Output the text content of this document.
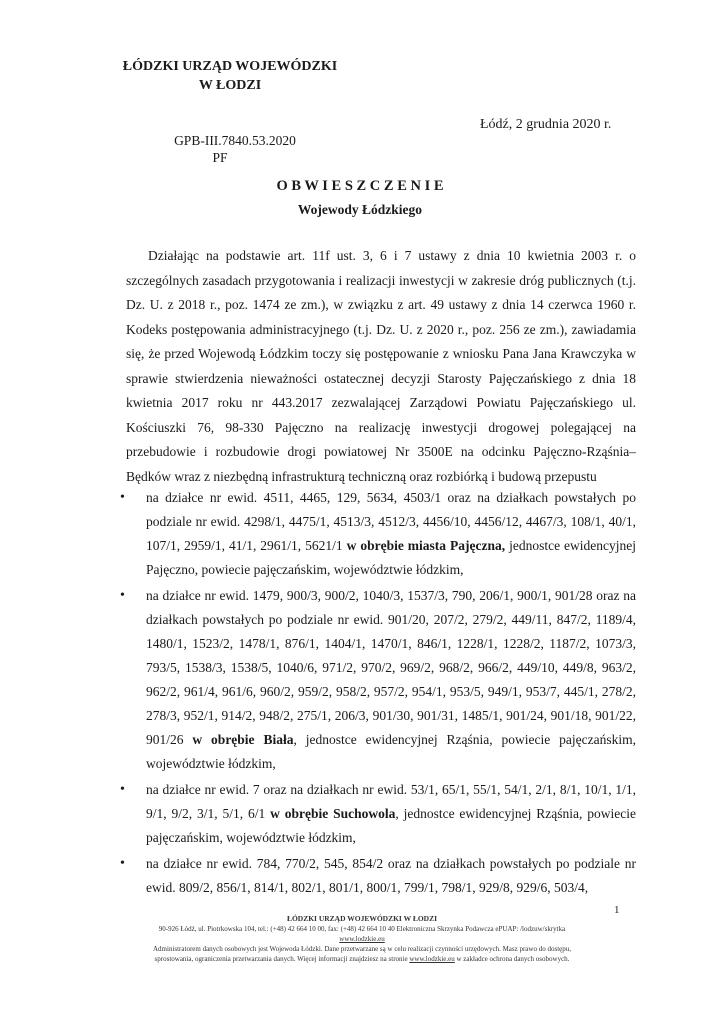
ŁÓDZKI URZĄD WOJEWÓDZKI
W ŁODZI
Łódź, 2 grudnia 2020 r.
GPB-III.7840.53.2020
PF
O B W I E S Z C Z E N I E
Wojewody Łódzkiego

Działając na podstawie art. 11f ust. 3, 6 i 7 ustawy z dnia 10 kwietnia 2003 r. o szczególnych zasadach przygotowania i realizacji inwestycji w zakresie dróg publicznych (t.j. Dz. U. z 2018 r., poz. 1474 ze zm.), w związku z art. 49 ustawy z dnia 14 czerwca 1960 r. Kodeks postępowania administracyjnego (t.j. Dz. U. z 2020 r., poz. 256 ze zm.), zawiadamia się, że przed Wojewodą Łódzkim toczy się postępowanie z wniosku Pana Jana Krawczyka w sprawie stwierdzenia nieważności ostatecznej decyzji Starosty Pajęczańskiego z dnia 18 kwietnia 2017 roku nr 443.2017 zezwalającej Zarządowi Powiatu Pajęczańskiego ul. Kościuszki 76, 98-330 Pajęczno na realizację inwestycji drogowej polegającej na przebudowie i rozbudowie drogi powiatowej Nr 3500E na odcinku Pajęczno-Rząśnia–Będków wraz z niezbędną infrastrukturą techniczną oraz rozbiórką i budową przepustu

• na działce nr ewid. 4511, 4465, 129, 5634, 4503/1 oraz na działkach powstałych po podziale nr ewid. 4298/1, 4475/1, 4513/3, 4512/3, 4456/10, 4456/12, 4467/3, 108/1, 40/1, 107/1, 2959/1, 41/1, 2961/1, 5621/1 w obrębie miasta Pajęczna, jednostce ewidencyjnej Pajęczno, powiecie pajęczańskim, województwie łódzkim,
• na działce nr ewid. 1479, 900/3, 900/2, 1040/3, 1537/3, 790, 206/1, 900/1, 901/28 oraz na działkach powstałych po podziale nr ewid. 901/20, 207/2, 279/2, 449/11, 847/2, 1189/4, 1480/1, 1523/2, 1478/1, 876/1, 1404/1, 1470/1, 846/1, 1228/1, 1228/2, 1187/2, 1073/3, 793/5, 1538/3, 1538/5, 1040/6, 971/2, 970/2, 969/2, 968/2, 966/2, 449/10, 449/8, 963/2, 962/2, 961/4, 961/6, 960/2, 959/2, 958/2, 957/2, 954/1, 953/5, 949/1, 953/7, 445/1, 278/2, 278/3, 952/1, 914/2, 948/2, 275/1, 206/3, 901/30, 901/31, 1485/1, 901/24, 901/18, 901/22, 901/26 w obrębie Biała, jednostce ewidencyjnej Rząśnia, powiecie pajęczańskim, województwie łódzkim,
• na działce nr ewid. 7 oraz na działkach nr ewid. 53/1, 65/1, 55/1, 54/1, 2/1, 8/1, 10/1, 1/1, 9/1, 9/2, 3/1, 5/1, 6/1 w obrębie Suchowola, jednostce ewidencyjnej Rząśnia, powiecie pajęczańskim, województwie łódzkim,
• na działce nr ewid. 784, 770/2, 545, 854/2 oraz na działkach powstałych po podziale nr ewid. 809/2, 856/1, 814/1, 802/1, 801/1, 800/1, 799/1, 798/1, 929/8, 929/6, 503/4,
1
ŁÓDZKI URZĄD WOJEWÓDZKI W ŁODZI
90-926 Łódź, ul. Piotrkowska 104, tel.: (+48) 42 664 10 00, fax: (+48) 42 664 10 40 Elektroniczna Skrzynka Podawcza ePUAP: /lodzuw/skrytka
www.lodzkie.eu
Administratorem danych osobowych jest Wojewoda Łódzki. Dane przetwarzane są w celu realizacji czynności urzędowych. Masz prawo do dostępu,
sprostowania, ograniczenia przetwarzania danych. Więcej informacji znajdziesz na stronie www.lodzkie.eu w zakładce ochrona danych osobowych.
